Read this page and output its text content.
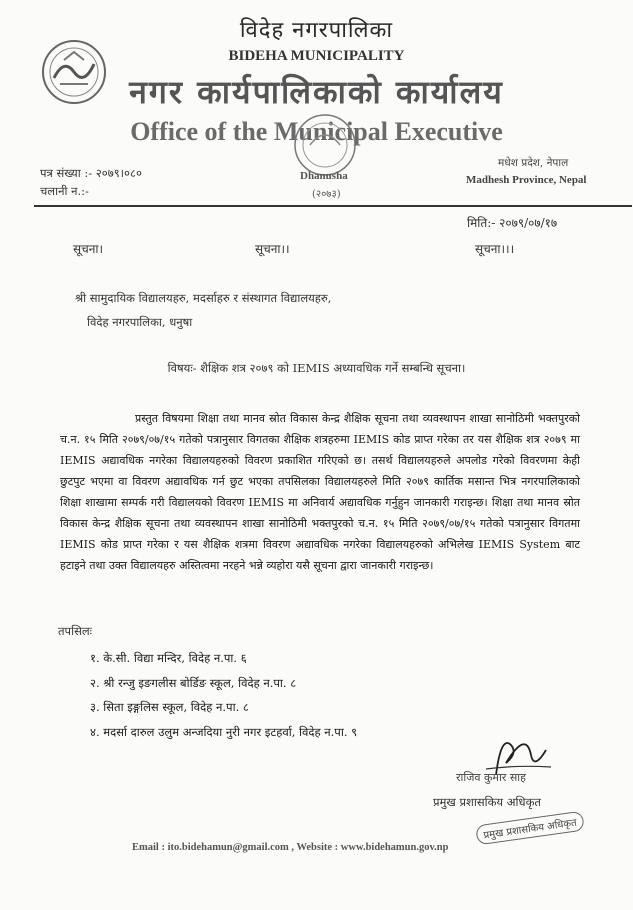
विदेह नगरपालिका
BIDEHA MUNICIPALITY
नगर कार्यपालिकाको कार्यालय
Office of the Municipal Executive
पत्र संख्या :- २०७९।०८०
चलानी न.:-
Dhanusha
(२०७३)
मधेश प्रदेश, नेपाल
Madhesh Province, Nepal
मिति:- २०७९/०७/१७
सूचना।	सूचना।।	सूचना।।।
श्री सामुदायिक विद्यालयहरु, मदर्साहरु र संस्थागत विद्यालयहरु,
विदेह नगरपालिका, धनुषा
विषयः- शैक्षिक शत्र २०७९ को IEMIS अध्यावधिक गर्ने सम्बन्धि सूचना।
प्रस्तुत विषयमा शिक्षा तथा मानव स्रोत विकास केन्द्र शैक्षिक सूचना तथा व्यवस्थापन शाखा सानोठिमी भक्तपुरको च.न. १५ मिति २०७९/०७/१५ गतेको पत्रानुसार विगतका शैक्षिक शत्रहरुमा IEMIS कोड प्राप्त गरेका तर यस शैक्षिक शत्र २०७९ मा IEMIS अद्यावधिक नगरेका विद्यालयहरुको विवरण प्रकाशित गरिएको छ। तसर्थ विद्यालयहरुले अपलोड गरेको विवरणमा केही छुटपुट भएमा वा विवरण अद्यावधिक गर्न छुट भएका तपसिलका विद्यालयहरुले मिति २०७९ कार्तिक मसान्त भित्र नगरपालिकाको शिक्षा शाखामा सम्पर्क गरी विद्यालयको विवरण IEMIS मा अनिवार्य अद्यावधिक गर्नुहुन जानकारी गराइन्छ। शिक्षा तथा मानव स्रोत विकास केन्द्र शैक्षिक सूचना तथा व्यवस्थापन शाखा सानोठिमी भक्तपुरको च.न. १५ मिति २०७९/०७/१५ गतेको पत्रानुसार विगतमा IEMIS कोड प्राप्त गरेका र यस शैक्षिक शत्रमा विवरण अद्यावधिक नगरेका विद्यालयहरुको अभिलेख IEMIS System बाट हटाइने तथा उक्त विद्यालयहरु अस्तित्वमा नरहने भन्ने व्यहोरा यसै सूचना द्वारा जानकारी गराइन्छ।
तपसिलः
१. के.सी. विद्या मन्दिर, विदेह न.पा. ६
२. श्री रन्जु इङगलीस बोर्डिङ स्कूल, विदेह न.पा. ८
३. सिता इङ्गलिस स्कूल, विदेह न.पा. ८
४. मदर्सा दारुल उलुम अन्जदिया नुरी नगर इटहर्वा, विदेह न.पा. ९
राजिव कुमार साह
प्रमुख प्रशासकिय अधिकृत
प्रमुख प्रशासकिय अधिकृत
Email : ito.bidehamun@gmail.com , Website : www.bidehamun.gov.np
